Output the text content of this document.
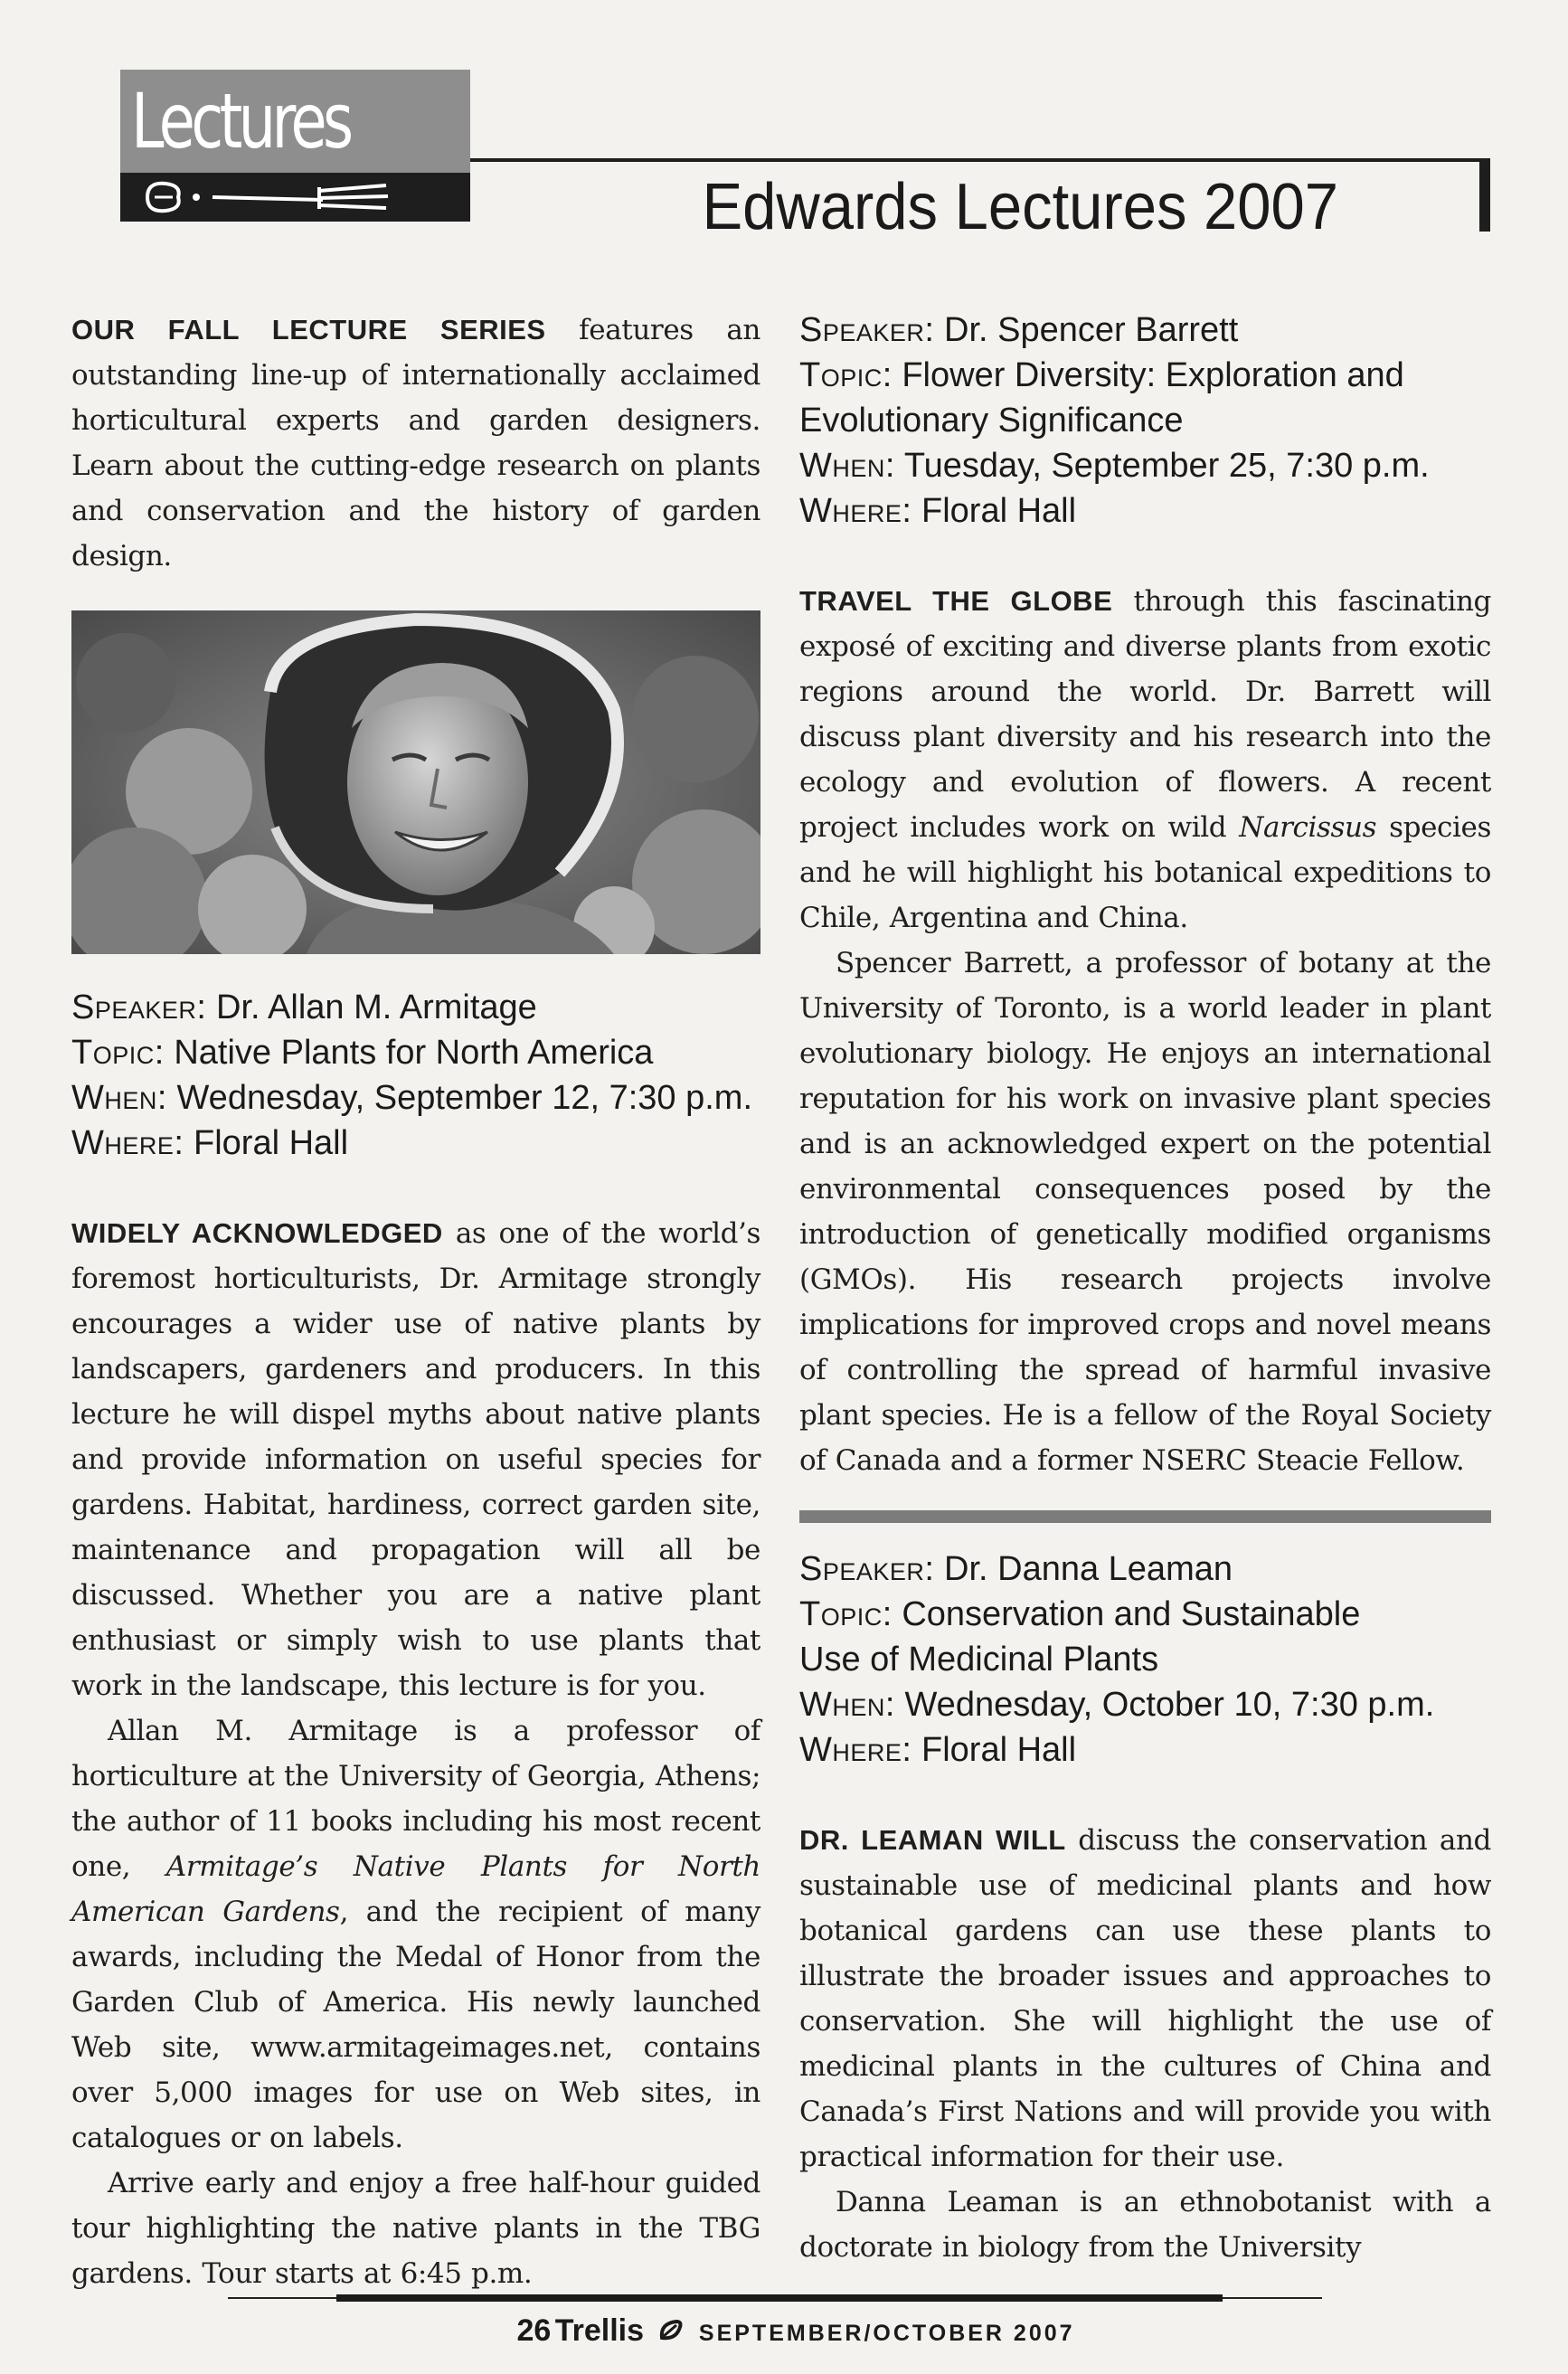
Lectures
Edwards Lectures 2007

OUR FALL LECTURE SERIES features an outstanding line-up of internationally acclaimed horticultural experts and garden designers. Learn about the cutting-edge research on plants and conservation and the history of garden design.

Speaker: Dr. Allan M. Armitage
Topic: Native Plants for North America
When: Wednesday, September 12, 7:30 p.m.
Where: Floral Hall

WIDELY ACKNOWLEDGED as one of the world’s foremost horticulturists, Dr. Armitage strongly encourages a wider use of native plants by landscapers, gardeners and producers. In this lecture he will dispel myths about native plants and provide information on useful species for gardens. Habitat, hardiness, correct garden site, maintenance and propagation will all be discussed. Whether you are a native plant enthusiast or simply wish to use plants that work in the landscape, this lecture is for you.

Allan M. Armitage is a professor of horticulture at the University of Georgia, Athens; the author of 11 books including his most recent one, Armitage’s Native Plants for North American Gardens, and the recipient of many awards, including the Medal of Honor from the Garden Club of America. His newly launched Web site, www.armitageimages.net, contains over 5,000 images for use on Web sites, in catalogues or on labels.

Arrive early and enjoy a free half-hour guided tour highlighting the native plants in the TBG gardens. Tour starts at 6:45 p.m.

Speaker: Dr. Spencer Barrett
Topic: Flower Diversity: Exploration and
Evolutionary Significance
When: Tuesday, September 25, 7:30 p.m.
Where: Floral Hall

TRAVEL THE GLOBE through this fascinating exposé of exciting and diverse plants from exotic regions around the world. Dr. Barrett will discuss plant diversity and his research into the ecology and evolution of flowers. A recent project includes work on wild Narcissus species and he will highlight his botanical expeditions to Chile, Argentina and China.

Spencer Barrett, a professor of botany at the University of Toronto, is a world leader in plant evolutionary biology. He enjoys an international reputation for his work on invasive plant species and is an acknowledged expert on the potential environmental consequences posed by the introduction of genetically modified organisms (GMOs). His research projects involve implications for improved crops and novel means of controlling the spread of harmful invasive plant species. He is a fellow of the Royal Society of Canada and a former NSERC Steacie Fellow.

Speaker: Dr. Danna Leaman
Topic: Conservation and Sustainable
Use of Medicinal Plants
When: Wednesday, October 10, 7:30 p.m.
Where: Floral Hall

DR. LEAMAN WILL discuss the conservation and sustainable use of medicinal plants and how botanical gardens can use these plants to illustrate the broader issues and approaches to conservation. She will highlight the use of medicinal plants in the cultures of China and Canada’s First Nations and will provide you with practical information for their use.

Danna Leaman is an ethnobotanist with a doctorate in biology from the University

26 Trellis SEPTEMBER/OCTOBER 2007
